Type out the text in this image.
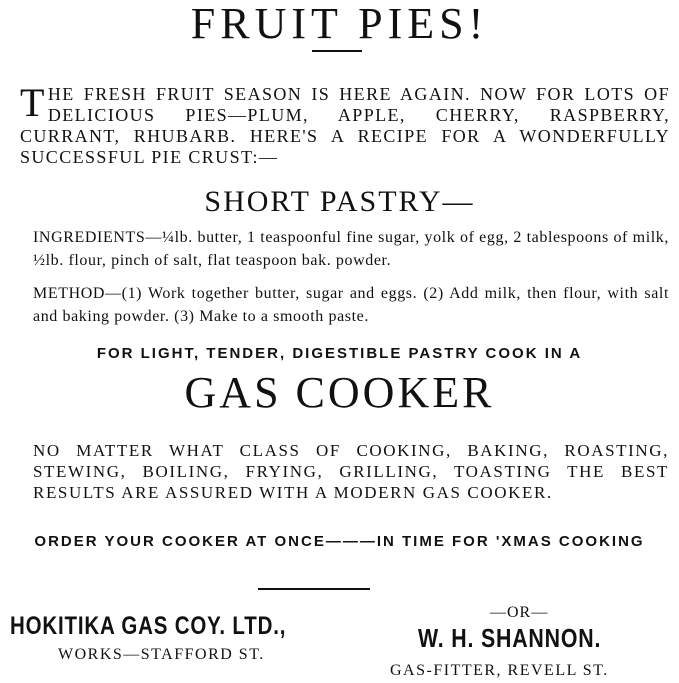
FRUIT PIES!
T HE FRESH FRUIT SEASON IS HERE AGAIN. NOW FOR LOTS OF DELICIOUS PIES—PLUM, APPLE, CHERRY, RASPBERRY, CURRANT, RHUBARB. HERE'S A RECIPE FOR A WONDERFULLY SUCCESSFUL PIE CRUST:—
SHORT PASTRY—
INGREDIENTS—¼lb. butter, 1 teaspoonful fine sugar, yolk of egg, 2 tablespoons of milk, ½lb. flour, pinch of salt, flat teaspoon bak. powder.
METHOD—(1) Work together butter, sugar and eggs. (2) Add milk, then flour, with salt and baking powder. (3) Make to a smooth paste.
FOR LIGHT, TENDER, DIGESTIBLE PASTRY COOK IN A
GAS COOKER
NO MATTER WHAT CLASS OF COOKING, BAKING, ROASTING, STEWING, BOILING, FRYING, GRILLING, TOASTING THE BEST RESULTS ARE ASSURED WITH A MODERN GAS COOKER.
ORDER YOUR COOKER AT ONCE———IN TIME FOR 'XMAS COOKING
HOKITIKA GAS COY. LTD.,
WORKS—STAFFORD ST.
—OR—
W. H. SHANNON.
GAS-FITTER, REVELL ST.
